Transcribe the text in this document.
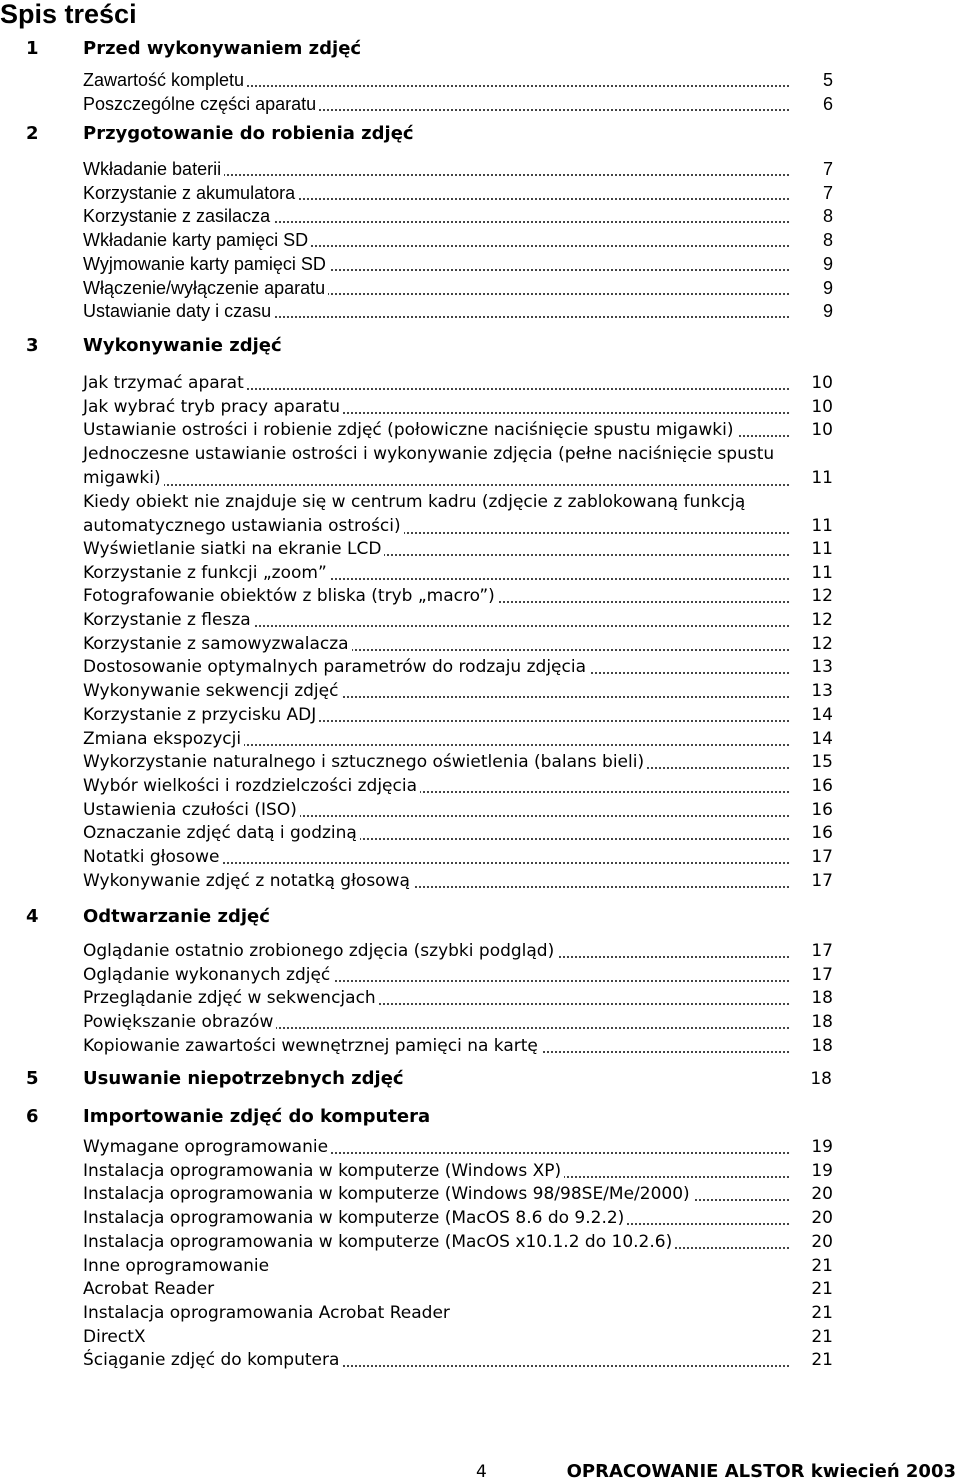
Spis treści
1 Przed wykonywaniem zdjęć
Zawartość kompletu	5
Poszczególne części aparatu	6
2 Przygotowanie do robienia zdjęć
Wkładanie baterii	7
Korzystanie z akumulatora	7
Korzystanie z zasilacza	8
Wkładanie karty pamięci SD	8
Wyjmowanie karty pamięci SD	9
Włączenie/wyłączenie aparatu	9
Ustawianie daty i czasu	9
3 Wykonywanie zdjęć
Jak trzymać aparat	10
Jak wybrać tryb pracy aparatu	10
Ustawianie ostrości i robienie zdjęć (połowiczne naciśnięcie spustu migawki)	10
Jednoczesne ustawianie ostrości i wykonywanie zdjęcia (pełne naciśnięcie spustu
migawki)	11
Kiedy obiekt nie znajduje się w centrum kadru (zdjęcie z zablokowaną funkcją
automatycznego ustawiania ostrości)	11
Wyświetlanie siatki na ekranie LCD	11
Korzystanie z funkcji „zoom”	11
Fotografowanie obiektów z bliska (tryb „macro”)	12
Korzystanie z flesza	12
Korzystanie z samowyzwalacza	12
Dostosowanie optymalnych parametrów do rodzaju zdjęcia	13
Wykonywanie sekwencji zdjęć	13
Korzystanie z przycisku ADJ	14
Zmiana ekspozycji	14
Wykorzystanie naturalnego i sztucznego oświetlenia (balans bieli)	15
Wybór wielkości i rozdzielczości zdjęcia	16
Ustawienia czułości (ISO)	16
Oznaczanie zdjęć datą i godziną	16
Notatki głosowe	17
Wykonywanie zdjęć z notatką głosową	17
4 Odtwarzanie zdjęć
Oglądanie ostatnio zrobionego zdjęcia (szybki podgląd)	17
Oglądanie wykonanych zdjęć	17
Przeglądanie zdjęć w sekwencjach	18
Powiększanie obrazów	18
Kopiowanie zawartości wewnętrznej pamięci na kartę	18
5 Usuwanie niepotrzebnych zdjęć	18
6 Importowanie zdjęć do komputera
Wymagane oprogramowanie	19
Instalacja oprogramowania w komputerze (Windows XP)	19
Instalacja oprogramowania w komputerze (Windows 98/98SE/Me/2000)	20
Instalacja oprogramowania w komputerze (MacOS 8.6 do 9.2.2)	20
Instalacja oprogramowania w komputerze (MacOS x10.1.2 do 10.2.6)	20
Inne oprogramowanie	21
Acrobat Reader	21
Instalacja oprogramowania Acrobat Reader	21
DirectX	21
Ściąganie zdjęć do komputera	21
4	OPRACOWANIE ALSTOR kwiecień 2003
